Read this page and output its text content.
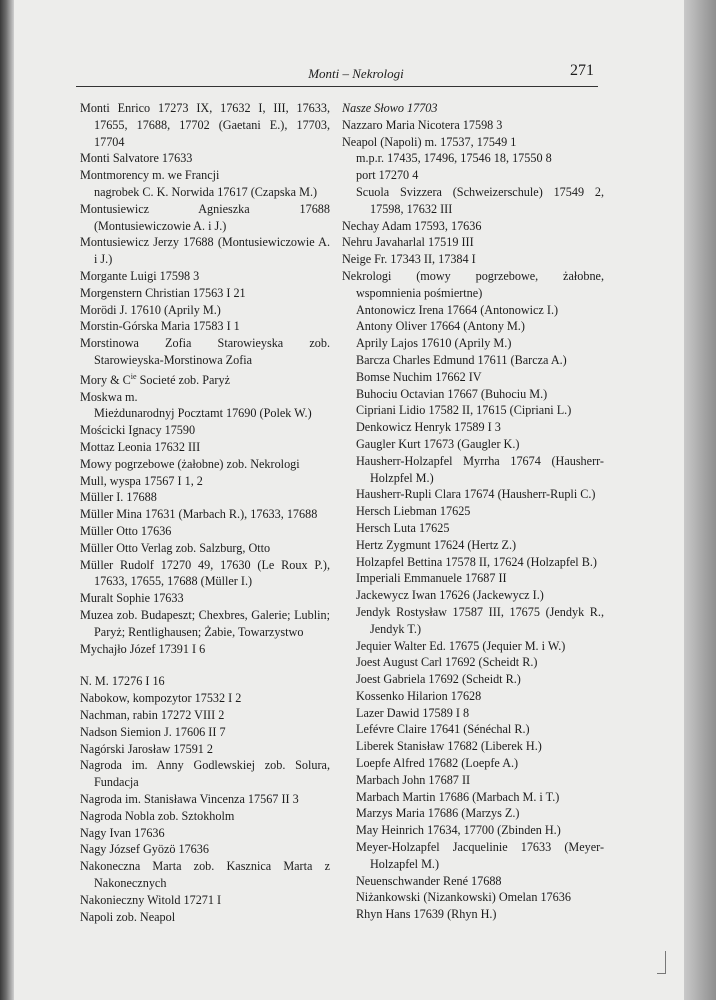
Monti – Nekrologi	271
Monti Enrico 17273 IX, 17632 I, III, 17633, 17655, 17688, 17702 (Gaetani E.), 17703, 17704
Monti Salvatore 17633
Montmorency m. we Francji
nagrobek C. K. Norwida 17617 (Czapska M.)
Montusiewicz Agnieszka 17688 (Montusiewiczowie A. i J.)
Montusiewicz Jerzy 17688 (Montusiewiczowie A. i J.)
Morgante Luigi 17598 3
Morgenstern Christian 17563 I 21
Morödi J. 17610 (Aprily M.)
Morstin-Górska Maria 17583 I 1
Morstinowa Zofia Starowieyska zob. Starowieyska-Morstinowa Zofia
Mory & $C^{ie}$ Societé zob. Paryż
Moskwa m.
Mieżdunarodnyj Pocztamt 17690 (Polek W.)
Mościcki Ignacy 17590
Mottaz Leonia 17632 III
Mowy pogrzebowe (żałobne) zob. Nekrologi
Mull, wyspa 17567 I 1, 2
Müller I. 17688
Müller Mina 17631 (Marbach R.), 17633, 17688
Müller Otto 17636
Müller Otto Verlag zob. Salzburg, Otto
Müller Rudolf 17270 49, 17630 (Le Roux P.), 17633, 17655, 17688 (Müller I.)
Muralt Sophie 17633
Muzea zob. Budapeszt; Chexbres, Galerie; Lublin; Paryż; Rentlighausen; Żabie, Towarzystwo
Mychajło Józef 17391 I 6
N. M. 17276 I 16
Nabokow, kompozytor 17532 I 2
Nachman, rabin 17272 VIII 2
Nadson Siemion J. 17606 II 7
Nagórski Jarosław 17591 2
Nagroda im. Anny Godlewskiej zob. Solura, Fundacja
Nagroda im. Stanisława Vincenza 17567 II 3
Nagroda Nobla zob. Sztokholm
Nagy Ivan 17636
Nagy József Gyözö 17636
Nakoneczna Marta zob. Kasznica Marta z Nakonecznych
Nakonieczny Witold 17271 I
Napoli zob. Neapol
Nasze Słowo 17703
Nazzaro Maria Nicotera 17598 3
Neapol (Napoli) m. 17537, 17549 1
m.p.r. 17435, 17496, 17546 18, 17550 8
port 17270 4
Scuola Svizzera (Schweizerschule) 17549 2, 17598, 17632 III
Nechay Adam 17593, 17636
Nehru Javaharlal 17519 III
Neige Fr. 17343 II, 17384 I
Nekrologi (mowy pogrzebowe, żałobne, wspomnienia pośmiertne)
Antonowicz Irena 17664 (Antonowicz I.)
Antony Oliver 17664 (Antony M.)
Aprily Lajos 17610 (Aprily M.)
Barcza Charles Edmund 17611 (Barcza A.)
Bomse Nuchim 17662 IV
Buhociu Octavian 17667 (Buhociu M.)
Cipriani Lidio 17582 II, 17615 (Cipriani L.)
Denkowicz Henryk 17589 I 3
Gaugler Kurt 17673 (Gaugler K.)
Hausherr-Holzapfel Myrrha 17674 (Hausherr-Holzpfel M.)
Hausherr-Rupli Clara 17674 (Hausherr-Rupli C.)
Hersch Liebman 17625
Hersch Luta 17625
Hertz Zygmunt 17624 (Hertz Z.)
Holzapfel Bettina 17578 II, 17624 (Holzapfel B.)
Imperiali Emmanuele 17687 II
Jackewycz Iwan 17626 (Jackewycz I.)
Jendyk Rostysław 17587 III, 17675 (Jendyk R., Jendyk T.)
Jequier Walter Ed. 17675 (Jequier M. i W.)
Joest August Carl 17692 (Scheidt R.)
Joest Gabriela 17692 (Scheidt R.)
Kossenko Hilarion 17628
Lazer Dawid 17589 I 8
Lefévre Claire 17641 (Sénéchal R.)
Liberek Stanisław 17682 (Liberek H.)
Loepfe Alfred 17682 (Loepfe A.)
Marbach John 17687 II
Marbach Martin 17686 (Marbach M. i T.)
Marzys Maria 17686 (Marzys Z.)
May Heinrich 17634, 17700 (Zbinden H.)
Meyer-Holzapfel Jacquelinie 17633 (Meyer-Holzapfel M.)
Neuenschwander René 17688
Niżankowski (Nizankowski) Omelan 17636
Rhyn Hans 17639 (Rhyn H.)
